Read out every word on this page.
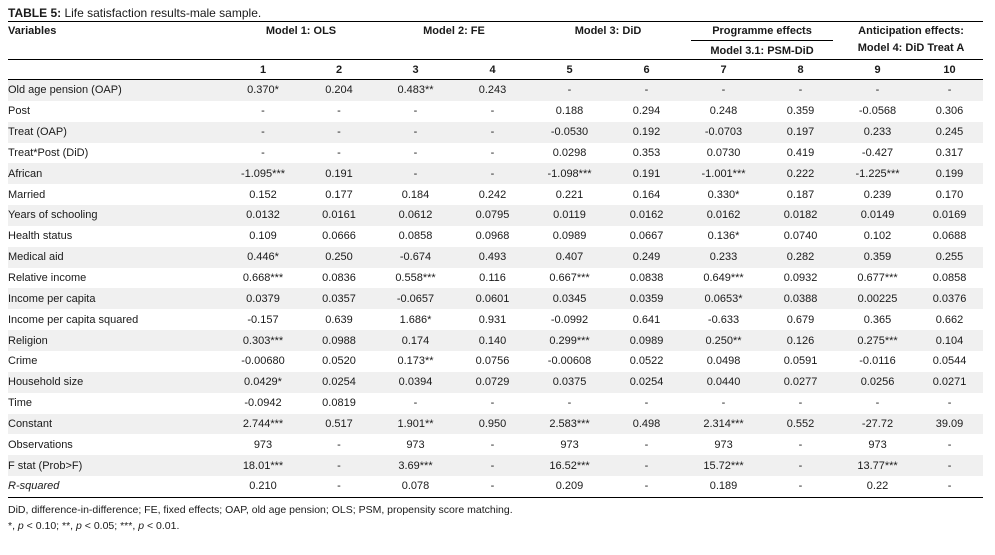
TABLE 5: Life satisfaction results-male sample.
Variables	Model 1: OLS		Model 2: FE		Model 3: DiD		Programme effects		Anticipation effects:	
							Model 3.1: PSM-DiD		Model 4: DiD Treat A	
	1	2	3	4	5	6	7	8	9	10
Old age pension (OAP)	0.370*	0.204	0.483**	0.243	-	-	-	-	-	-
Post	-	-	-	-	0.188	0.294	0.248	0.359	-0.0568	0.306
Treat (OAP)	-	-	-	-	-0.0530	0.192	-0.0703	0.197	0.233	0.245
Treat*Post (DiD)	-	-	-	-	0.0298	0.353	0.0730	0.419	-0.427	0.317
African	-1.095***	0.191	-	-	-1.098***	0.191	-1.001***	0.222	-1.225***	0.199
Married	0.152	0.177	0.184	0.242	0.221	0.164	0.330*	0.187	0.239	0.170
Years of schooling	0.0132	0.0161	0.0612	0.0795	0.0119	0.0162	0.0162	0.0182	0.0149	0.0169
Health status	0.109	0.0666	0.0858	0.0968	0.0989	0.0667	0.136*	0.0740	0.102	0.0688
Medical aid	0.446*	0.250	-0.674	0.493	0.407	0.249	0.233	0.282	0.359	0.255
Relative income	0.668***	0.0836	0.558***	0.116	0.667***	0.0838	0.649***	0.0932	0.677***	0.0858
Income per capita	0.0379	0.0357	-0.0657	0.0601	0.0345	0.0359	0.0653*	0.0388	0.00225	0.0376
Income per capita squared	-0.157	0.639	1.686*	0.931	-0.0992	0.641	-0.633	0.679	0.365	0.662
Religion	0.303***	0.0988	0.174	0.140	0.299***	0.0989	0.250**	0.126	0.275***	0.104
Crime	-0.00680	0.0520	0.173**	0.0756	-0.00608	0.0522	0.0498	0.0591	-0.0116	0.0544
Household size	0.0429*	0.0254	0.0394	0.0729	0.0375	0.0254	0.0440	0.0277	0.0256	0.0271
Time	-0.0942	0.0819	-	-	-	-	-	-	-	-
Constant	2.744***	0.517	1.901**	0.950	2.583***	0.498	2.314***	0.552	-27.72	39.09
Observations	973	-	973	-	973	-	973	-	973	-
F stat (Prob>F)	18.01***	-	3.69***	-	16.52***	-	15.72***	-	13.77***	-
R-squared	0.210	-	0.078	-	0.209	-	0.189	-	0.22	-
DiD, difference-in-difference; FE, fixed effects; OAP, old age pension; OLS; PSM, propensity score matching.
*, p < 0.10; **, p < 0.05; ***, p < 0.01.
